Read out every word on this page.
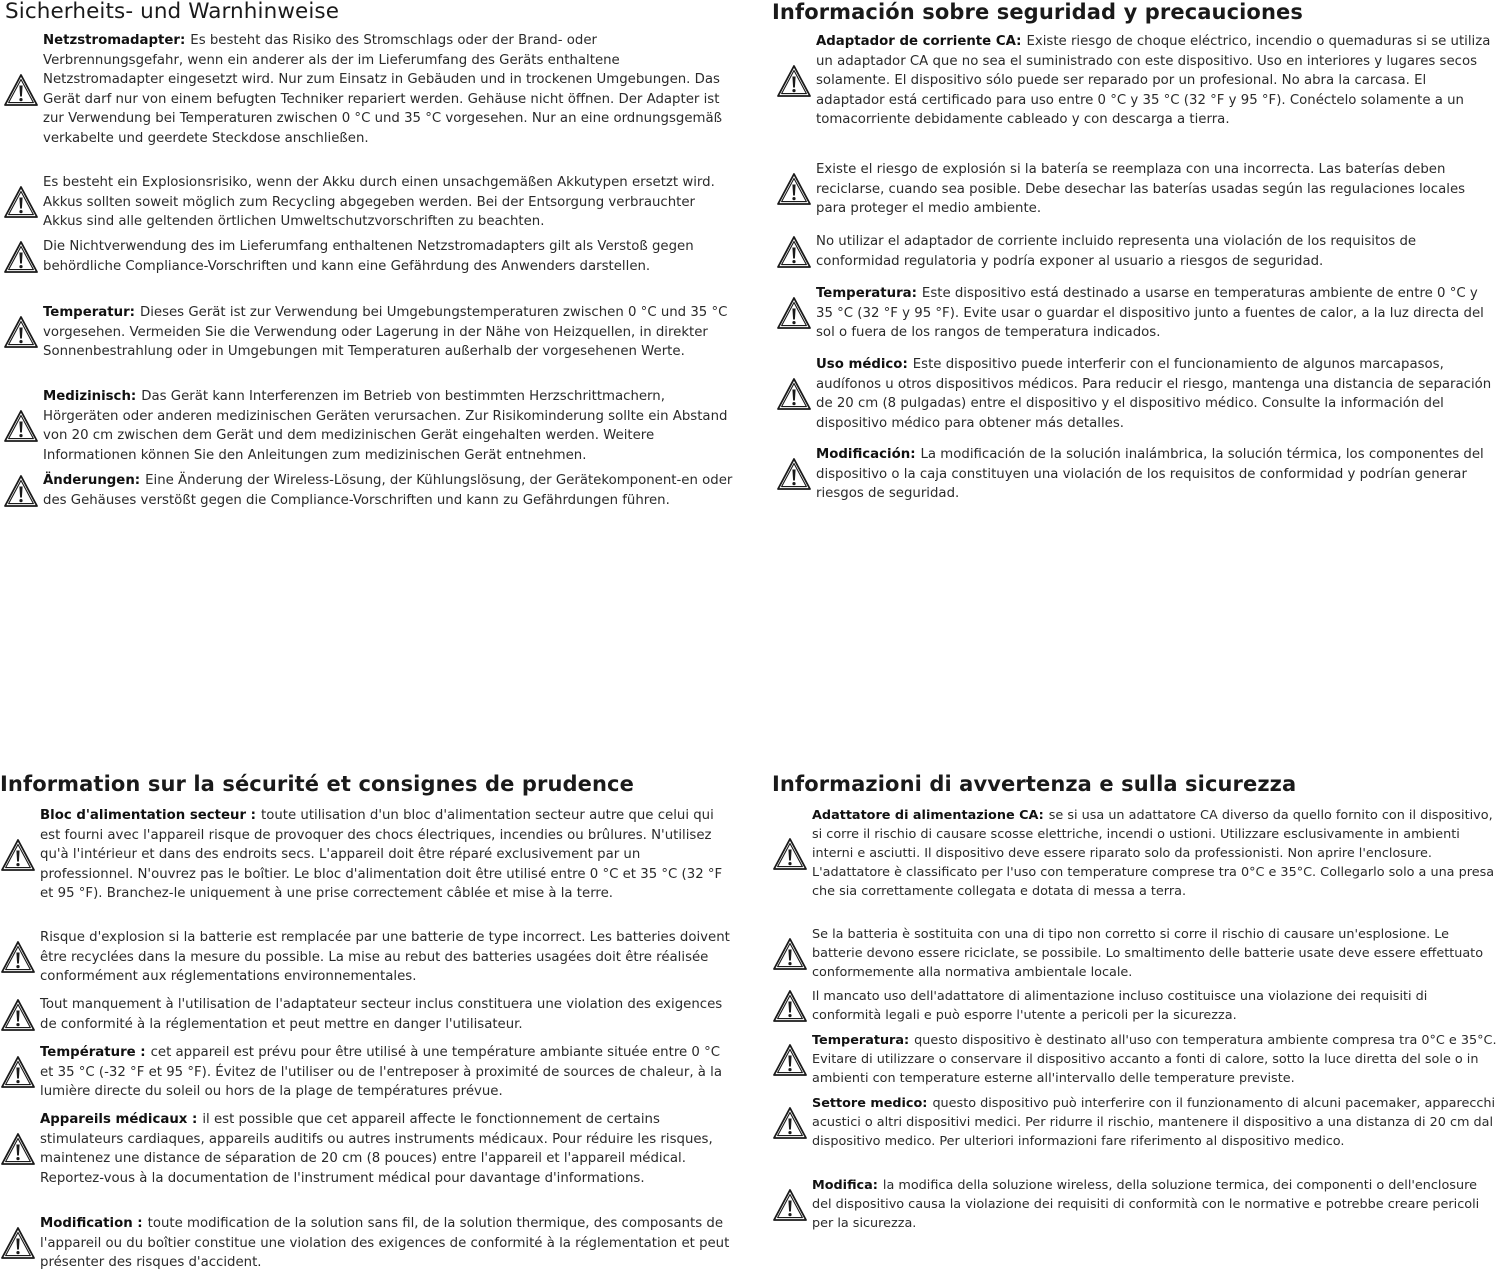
Sicherheits- und Warnhinweise

Netzstromadapter: Es besteht das Risiko des Stromschlags oder der Brand- oder Verbrennungsgefahr, wenn ein anderer als der im Lieferumfang des Geräts enthaltene Netzstromadapter eingesetzt wird. Nur zum Einsatz in Gebäuden und in trockenen Umgebungen. Das Gerät darf nur von einem befugten Techniker repariert werden. Gehäuse nicht öffnen. Der Adapter ist zur Verwendung bei Temperaturen zwischen 0 °C und 35 °C vorgesehen. Nur an eine ordnungsgemäß verkabelte und geerdete Steckdose anschließen.

Es besteht ein Explosionsrisiko, wenn der Akku durch einen unsachgemäßen Akkutypen ersetzt wird. Akkus sollten soweit möglich zum Recycling abgegeben werden. Bei der Entsorgung verbrauchter Akkus sind alle geltenden örtlichen Umweltschutzvorschriften zu beachten.

Die Nichtverwendung des im Lieferumfang enthaltenen Netzstromadapters gilt als Verstoß gegen behördliche Compliance-Vorschriften und kann eine Gefährdung des Anwenders darstellen.

Temperatur: Dieses Gerät ist zur Verwendung bei Umgebungstemperaturen zwischen 0 °C und 35 °C vorgesehen. Vermeiden Sie die Verwendung oder Lagerung in der Nähe von Heizquellen, in direkter Sonnenbestrahlung oder in Umgebungen mit Temperaturen außerhalb der vorgesehenen Werte.

Medizinisch: Das Gerät kann Interferenzen im Betrieb von bestimmten Herzschrittmachern, Hörgeräten oder anderen medizinischen Geräten verursachen. Zur Risikominderung sollte ein Abstand von 20 cm zwischen dem Gerät und dem medizinischen Gerät eingehalten werden. Weitere Informationen können Sie den Anleitungen zum medizinischen Gerät entnehmen.

Änderungen: Eine Änderung der Wireless-Lösung, der Kühlungslösung, der Gerätekomponent-en oder des Gehäuses verstößt gegen die Compliance-Vorschriften und kann zu Gefährdungen führen.

Información sobre seguridad y precauciones

Adaptador de corriente CA: Existe riesgo de choque eléctrico, incendio o quemaduras si se utiliza un adaptador CA que no sea el suministrado con este dispositivo. Uso en interiores y lugares secos solamente. El dispositivo sólo puede ser reparado por un profesional. No abra la carcasa. El adaptador está certificado para uso entre 0 °C y 35 °C (32 °F y 95 °F). Conéctelo solamente a un tomacorriente debidamente cableado y con descarga a tierra.

Existe el riesgo de explosión si la batería se reemplaza con una incorrecta. Las baterías deben reciclarse, cuando sea posible. Debe desechar las baterías usadas según las regulaciones locales para proteger el medio ambiente.

No utilizar el adaptador de corriente incluido representa una violación de los requisitos de conformidad regulatoria y podría exponer al usuario a riesgos de seguridad.

Temperatura: Este dispositivo está destinado a usarse en temperaturas ambiente de entre 0 °C y 35 °C (32 °F y 95 °F). Evite usar o guardar el dispositivo junto a fuentes de calor, a la luz directa del sol o fuera de los rangos de temperatura indicados.

Uso médico: Este dispositivo puede interferir con el funcionamiento de algunos marcapasos, audífonos u otros dispositivos médicos. Para reducir el riesgo, mantenga una distancia de separación de 20 cm (8 pulgadas) entre el dispositivo y el dispositivo médico. Consulte la información del dispositivo médico para obtener más detalles.

Modificación: La modificación de la solución inalámbrica, la solución térmica, los componentes del dispositivo o la caja constituyen una violación de los requisitos de conformidad y podrían generar riesgos de seguridad.

Information sur la sécurité et consignes de prudence

Bloc d'alimentation secteur : toute utilisation d'un bloc d'alimentation secteur autre que celui qui est fourni avec l'appareil risque de provoquer des chocs électriques, incendies ou brûlures. N'utilisez qu'à l'intérieur et dans des endroits secs. L'appareil doit être réparé exclusivement par un professionnel. N'ouvrez pas le boîtier. Le bloc d'alimentation doit être utilisé entre 0 °C et 35 °C (32 °F et 95 °F). Branchez-le uniquement à une prise correctement câblée et mise à la terre.

Risque d'explosion si la batterie est remplacée par une batterie de type incorrect. Les batteries doivent être recyclées dans la mesure du possible. La mise au rebut des batteries usagées doit être réalisée conformément aux réglementations environnementales.

Tout manquement à l'utilisation de l'adaptateur secteur inclus constituera une violation des exigences de conformité à la réglementation et peut mettre en danger l'utilisateur.

Température : cet appareil est prévu pour être utilisé à une température ambiante située entre 0 °C et 35 °C (-32 °F et 95 °F). Évitez de l'utiliser ou de l'entreposer à proximité de sources de chaleur, à la lumière directe du soleil ou hors de la plage de températures prévue.

Appareils médicaux : il est possible que cet appareil affecte le fonctionnement de certains stimulateurs cardiaques, appareils auditifs ou autres instruments médicaux. Pour réduire les risques, maintenez une distance de séparation de 20 cm (8 pouces) entre l'appareil et l'appareil médical. Reportez-vous à la documentation de l'instrument médical pour davantage d'informations.

Modification : toute modification de la solution sans fil, de la solution thermique, des composants de l'appareil ou du boîtier constitue une violation des exigences de conformité à la réglementation et peut présenter des risques d'accident.

Informazioni di avvertenza e sulla sicurezza

Adattatore di alimentazione CA: se si usa un adattatore CA diverso da quello fornito con il dispositivo, si corre il rischio di causare scosse elettriche, incendi o ustioni. Utilizzare esclusivamente in ambienti interni e asciutti. Il dispositivo deve essere riparato solo da professionisti. Non aprire l'enclosure. L'adattatore è classificato per l'uso con temperature comprese tra 0°C e 35°C. Collegarlo solo a una presa che sia correttamente collegata e dotata di messa a terra.

Se la batteria è sostituita con una di tipo non corretto si corre il rischio di causare un'esplosione. Le batterie devono essere riciclate, se possibile. Lo smaltimento delle batterie usate deve essere effettuato conformemente alla normativa ambientale locale.

Il mancato uso dell'adattatore di alimentazione incluso costituisce una violazione dei requisiti di conformità legali e può esporre l'utente a pericoli per la sicurezza.

Temperatura: questo dispositivo è destinato all'uso con temperatura ambiente compresa tra 0°C e 35°C. Evitare di utilizzare o conservare il dispositivo accanto a fonti di calore, sotto la luce diretta del sole o in ambienti con temperature esterne all'intervallo delle temperature previste.

Settore medico: questo dispositivo può interferire con il funzionamento di alcuni pacemaker, apparecchi acustici o altri dispositivi medici. Per ridurre il rischio, mantenere il dispositivo a una distanza di 20 cm dal dispositivo medico. Per ulteriori informazioni fare riferimento al dispositivo medico.

Modifica: la modifica della soluzione wireless, della soluzione termica, dei componenti o dell'enclosure del dispositivo causa la violazione dei requisiti di conformità con le normative e potrebbe creare pericoli per la sicurezza.
